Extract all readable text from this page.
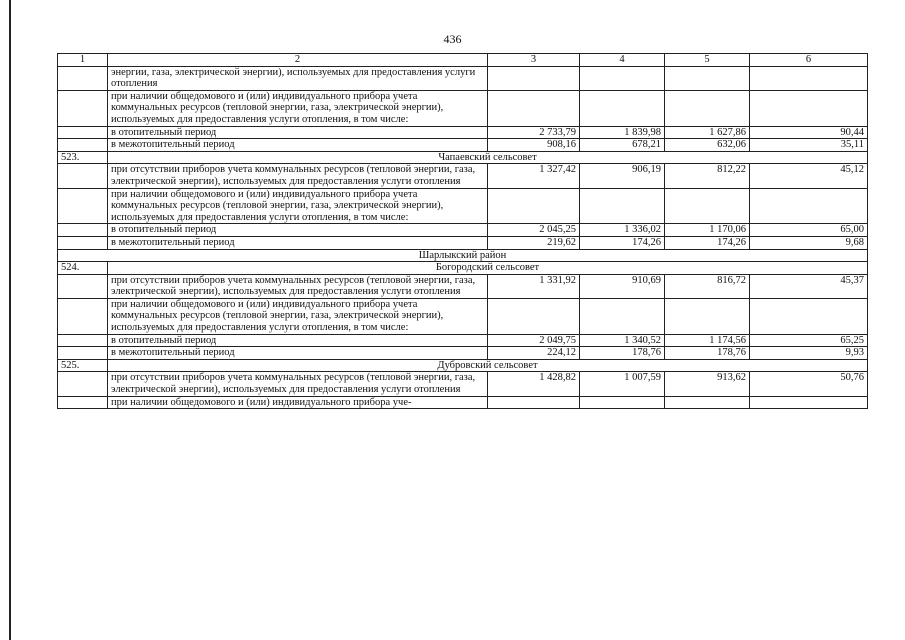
436
1	2	3	4	5	6
	энергии, газа, электрической энергии), используемых для предоставления услуги отопления				
	при наличии общедомового и (или) индивидуального прибора учета коммунальных ресурсов (тепловой энергии, газа, электрической энергии), используемых для предоставления услуги отопления, в том числе:				
	в отопительный период	2 733,79	1 839,98	1 627,86	90,44
	в межотопительный период	908,16	678,21	632,06	35,11
523.	Чапаевский сельсовет				
	при отсутствии приборов учета коммунальных ресурсов (тепловой энергии, газа, электрической энергии), используемых для предоставления услуги отопления	1 327,42	906,19	812,22	45,12
	при наличии общедомового и (или) индивидуального прибора учета коммунальных ресурсов (тепловой энергии, газа, электрической энергии), используемых для предоставления услуги отопления, в том числе:				
	в отопительный период	2 045,25	1 336,02	1 170,06	65,00
	в межотопительный период	219,62	174,26	174,26	9,68
Шарлыкский район					
524.	Богородский сельсовет				
	при отсутствии приборов учета коммунальных ресурсов (тепловой энергии, газа, электрической энергии), используемых для предоставления услуги отопления	1 331,92	910,69	816,72	45,37
	при наличии общедомового и (или) индивидуального прибора учета коммунальных ресурсов (тепловой энергии, газа, электрической энергии), используемых для предоставления услуги отопления, в том числе:				
	в отопительный период	2 049,75	1 340,52	1 174,56	65,25
	в межотопительный период	224,12	178,76	178,76	9,93
525.	Дубровский сельсовет				
	при отсутствии приборов учета коммунальных ресурсов (тепловой энергии, газа, электрической энергии), используемых для предоставления услуги отопления	1 428,82	1 007,59	913,62	50,76
	при наличии общедомового и (или) индивидуального прибора уче-				
